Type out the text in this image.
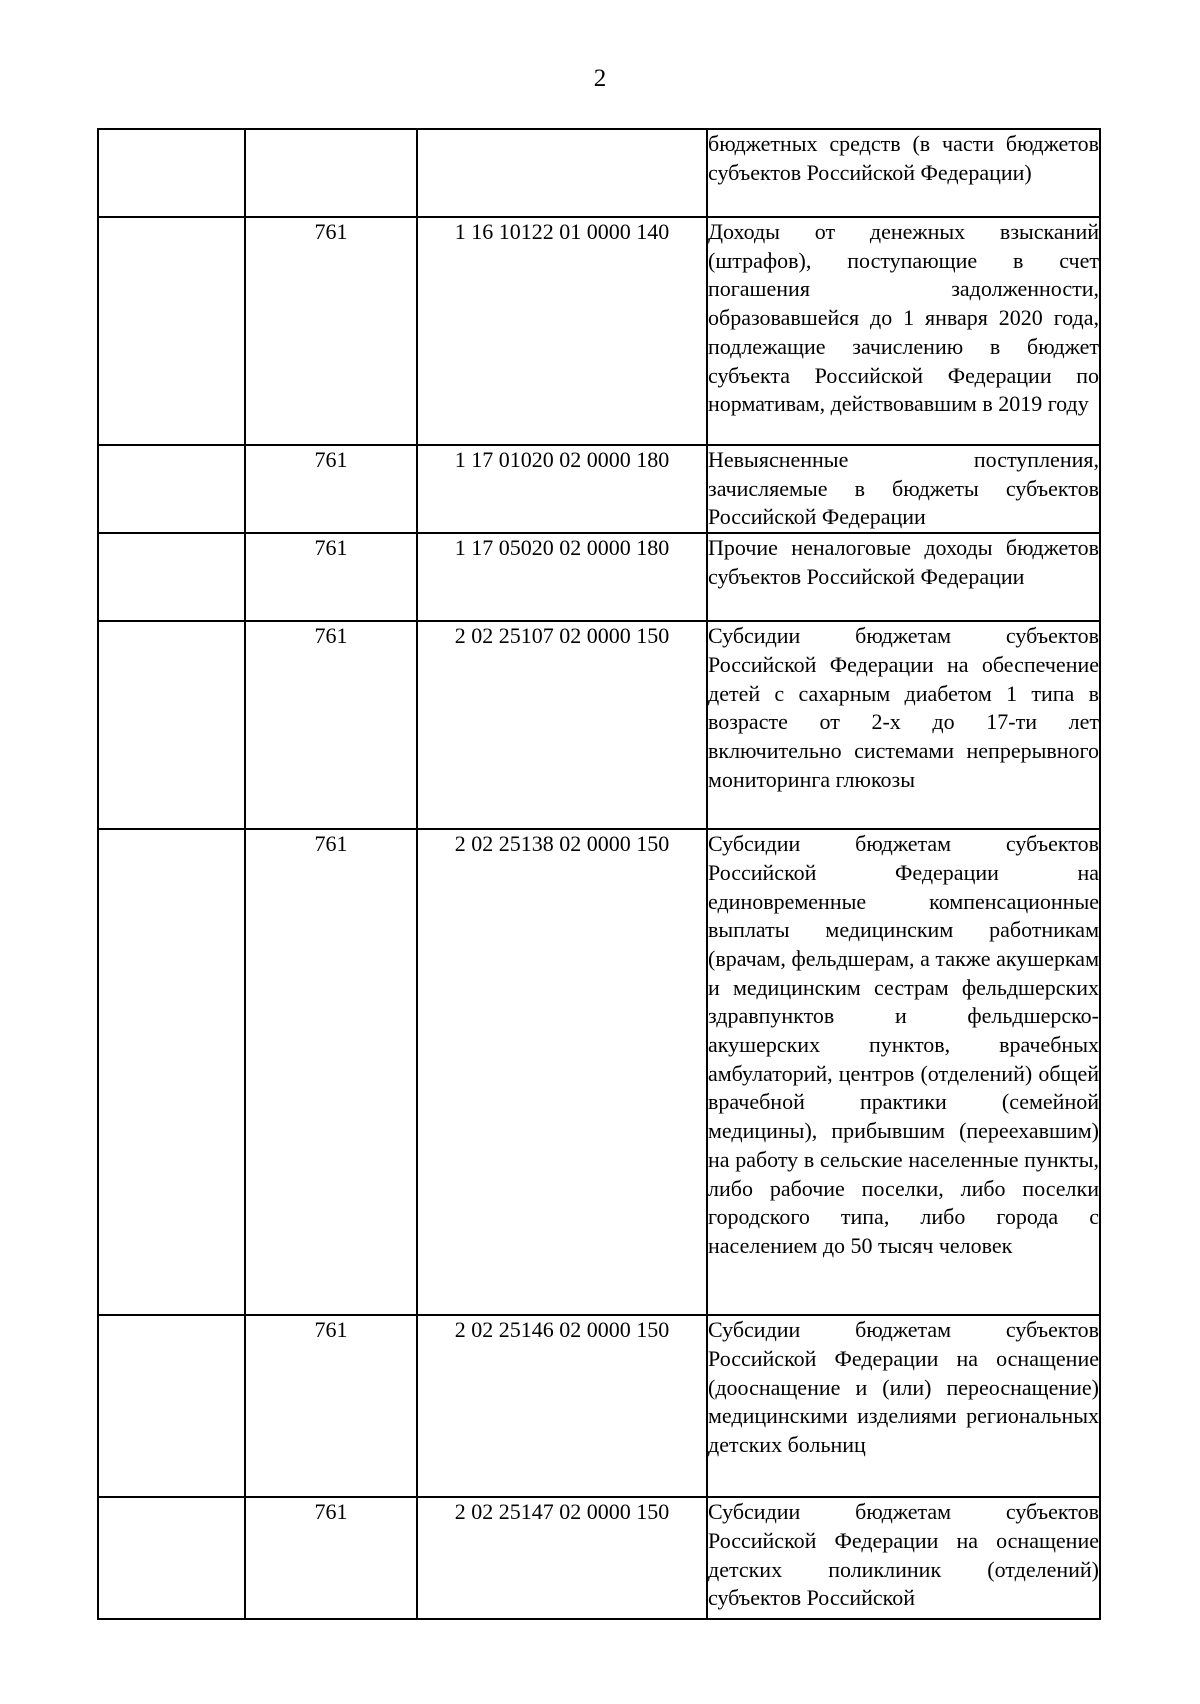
2
			бюджетных средств (в части бюджетов субъектов Российской Федерации)
	761	1 16 10122 01 0000 140	Доходы от денежных взысканий (штрафов), поступающие в счет погашения задолженности, образовавшейся до 1 января 2020 года, подлежащие зачислению в бюджет субъекта Российской Федерации по нормативам, действовавшим в 2019 году
	761	1 17 01020 02 0000 180	Невыясненные поступления, зачисляемые в бюджеты субъектов Российской Федерации
	761	1 17 05020 02 0000 180	Прочие неналоговые доходы бюджетов субъектов Российской Федерации
	761	2 02 25107 02 0000 150	Субсидии бюджетам субъектов Российской Федерации на обеспечение детей с сахарным диабетом 1 типа в возрасте от 2-х до 17-ти лет включительно системами непрерывного мониторинга глюкозы
	761	2 02 25138 02 0000 150	Субсидии бюджетам субъектов Российской Федерации на единовременные компенсационные выплаты медицинским работникам (врачам, фельдшерам, а также акушеркам и медицинским сестрам фельдшерских здравпунктов и фельдшерско-акушерских пунктов, врачебных амбулаторий, центров (отделений) общей врачебной практики (семейной медицины), прибывшим (переехавшим) на работу в сельские населенные пункты, либо рабочие поселки, либо поселки городского типа, либо города с населением до 50 тысяч человек
	761	2 02 25146 02 0000 150	Субсидии бюджетам субъектов Российской Федерации на оснащение (дооснащение и (или) переоснащение) медицинскими изделиями региональных детских больниц
	761	2 02 25147 02 0000 150	Субсидии бюджетам субъектов Российской Федерации на оснащение детских поликлиник (отделений) субъектов Российской
